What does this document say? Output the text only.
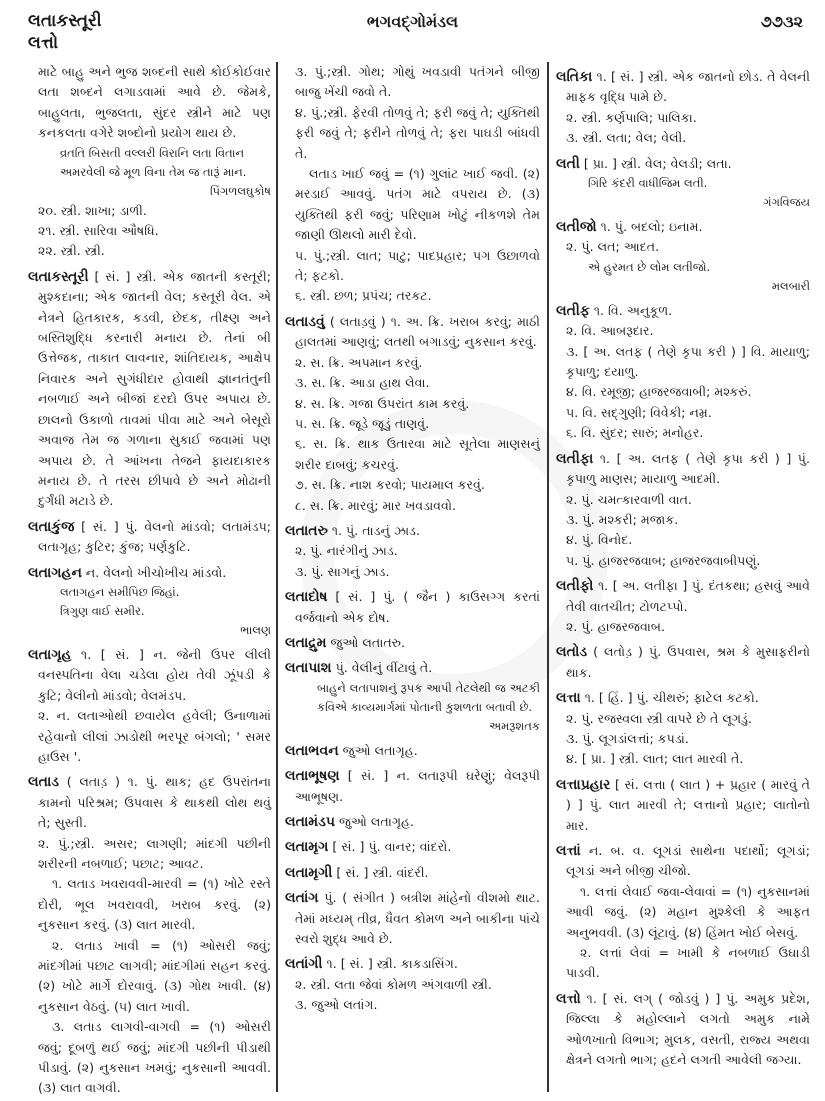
લતાકસ્તૂરી
લત્તો
ભગવદ્ગોમંડલ	૭૭૩૨
માટે બાહુ અને ભુજ શબ્દની સાથે કોઈકોઈવાર લતા શબ્દને લગાડવામાં આવે છે. જેમકે, બાહુલતા, ભુજલતા, સુંદર સ્ત્રીને માટે પણ કનકલતા વગેરે શબ્દોનો પ્રયોગ થાય છે.
વ્રતતિ બિસતી વલ્લરી વિરાનિ લતા વિતાન
અમરવેલી જે મૂળ વિના તેમ જ તારૂં માન.
પિંગળલઘુકોષ
૨૦. સ્ત્રી. શાખા; ડાળી.
૨૧. સ્ત્રી. સારિવા ઔષધિ.
૨૨. સ્ત્રી. સ્ત્રી.
લતાકસ્તૂરી [ સં. ] સ્ત્રી. એક જાતની કસ્તૂરી; મુશ્કદાના; એક જાતની વેલ; કસ્તૂરી વેલ. એ નેત્રને હિતકારક, કડવી, છેદક, તીક્ષ્ણ અને બસ્તિશુદ્ધિ કરનારી મનાય છે. તેનાં બી ઉત્તેજક, તાકાત લાવનાર, શાંતિદાયક, આક્ષેપ નિવારક અને સુગંધીદાર હોવાથી જ્ઞાનતંતુની નબળાઈ અને બીજાં દરદો ઉપર અપાય છે. છાલનો ઉકાળો તાવમાં પીવા માટે અને બેસૂરો અવાજ તેમ જ ગળાના સુકાઈ જવામાં પણ અપાય છે. તે આંખના તેજને ફાયદાકારક મનાય છે. તે તરસ છીપાવે છે અને મોઢાની દુર્ગંધી મટાડે છે.
લતાકુંજ [ સં. ] પું. વેલનો માંડવો; લતામંડપ; લતાગૃહ; કુટિર; કુંજ; પર્ણકુટિ.
લતાગહન ન. વેલનો ખીચોખીચ માંડવો.
લતાગહન સમીપિછ જિહાં.
ત્રિગુણ વાઈ સમીર.
ભાલણ
લતાગૃહ ૧. [ સં. ] ન. જેની ઉપર લીલી વનસ્પતિના વેલા ચડેલા હોય તેવી ઝૂંપડી કે કુટિ; વેલીનો માંડવો; વેલમંડપ.
૨. ન. લતાઓથી છવાયેલ હવેલી; ઉનાળામાં રહેવાનો લીલાં ઝાડોથી ભરપૂર બંગલો; ' સમર હાઉસ '.
લતાડ ( લતાડ઼ ) ૧. પું. થાક; હદ ઉપરાંતના કામનો પરિશ્રમ; ઉપવાસ કે થાકથી લોથ થવું તે; સુસ્તી.
૨. પું.;સ્ત્રી. અસર; લાગણી; માંદગી પછીની શરીરની નબળાઈ; પછાટ; આવટ.
૧. લતાડ ખવરાવવી-મારવી = (૧) ખોટે રસ્તે દોરી, ભૂલ ખવરાવવી, ખરાબ કરવું. (૨) નુકસાન કરવું. (૩) લાત મારવી.
૨. લતાડ ખાવી = (૧) ઓસરી જવું; માંદગીમાં પછાટ લાગવી; માંદગીમાં સહન કરવું. (૨) ખોટે માર્ગે દોરવાવું. (૩) ગોથ ખાવી. (૪) નુકસાન વેઠવું. (૫) લાત ખાવી.
૩. લતાડ લાગવી-વાગવી = (૧) ઓસરી જવું; દૂબળું થઈ જવું; માંદગી પછીની પીડાથી પીડાવું. (૨) નુકસાન ખમવું; નુકસાની આવવી. (૩) લાત વાગવી.
૩. પું.;સ્ત્રી. ગોથ; ગોથું ખવડાવી પતંગને બીજી બાજુ ખેંચી જવો તે.
૪. પું.;સ્ત્રી. ફેરવી તોળવું તે; ફરી જવું તે; યુક્તિથી ફરી જવું તે; ફરીને તોળવું તે; ફરા પાઘડી બાંધવી તે.
લતાડ ખાઈ જવું = (૧) ગુલાંટ ખાઈ જવી. (૨) મરડાઈ આવવું. પતંગ માટે વપરાય છે. (૩) યુક્તિથી ફરી જવું; પરિણામ ખોટું નીકળશે તેમ જાણી ઊથલો મારી દેવો.
૫. પું.;સ્ત્રી. લાત; પાટુ; પાદપ્રહાર; પગ ઉછાળવો તે; ફટકો.
૬. સ્ત્રી. છળ; પ્રપંચ; તરકટ.
લતાડવું ( લતાડ઼વું ) ૧. અ. ક્રિ. ખરાબ કરવું; માઠી હાલતમાં આણવું; લતથી બગાડવું; નુકસાન કરવું.
૨. સ. ક્રિ. અપમાન કરવું.
૩. સ. ક્રિ. આડા હાથ લેવા.
૪. સ. ક્રિ. ગજા ઉપરાંત કામ કરવું.
૫. સ. ક્રિ. જૂડે જૂડું તાણવું.
૬. સ. ક્રિ. થાક ઉતારવા માટે સૂતેલા માણસનું શરીર દાબવું; કચરવું.
૭. સ. ક્રિ. નાશ કરવો; પાયમાલ કરવું.
૮. સ. ક્રિ. મારવું; માર ખવડાવવો.
લતાતરુ ૧. પું. તાડનું ઝાડ.
૨. પું. નારંગીનું ઝાડ.
૩. પું. સાગનું ઝાડ.
લતાદોષ [ સં. ] પું. ( જૈન ) કાઉસગ્ગ કરતાં વર્જવાનો એક દોષ.
લતાદ્રુમ જુઓ લતાતરુ.
લતાપાશ પું. વેલીનું વીંટાવું તે.
બાહુને લતાપાશનું રૂપક આપી તેટલેથી જ અટકી કવિએ કાવ્યમાર્ગમાં પોતાની કુશળતા બતાવી છે.
અમરૂશતક
લતાભવન જુઓ લતાગૃહ.
લતાભૂષણ [ સં. ] ન. લતારૂપી ઘરેણું; વેલરૂપી આભૂષણ.
લતામંડપ જુઓ લતાગૃહ.
લતામૃગ [ સં. ] પું. વાનર; વાંદરો.
લતામૃગી [ સં. ] સ્ત્રી. વાંદરી.
લતાંગ પું. ( સંગીત ) બત્રીશ માંહેનો વીશમો થાટ. તેમાં મધ્યમ્ તીવ્ર, ધૈવત કોમળ અને બાકીના પાંચે સ્વરો શુદ્ધ આવે છે.
લતાંગી ૧. [ સં. ] સ્ત્રી. કાકડાસિંગ.
૨. સ્ત્રી. લતા જેવાં કોમળ અંગવાળી સ્ત્રી.
૩. જુઓ લતાંગ.
લતિકા ૧. [ સં. ] સ્ત્રી. એક જાતનો છોડ. તે વેલની માફક વૃદ્ધિ પામે છે.
૨. સ્ત્રી. કર્ણપાલિ; પાલિકા.
૩. સ્ત્રી. લતા; વેલ; વેલી.
લતી [ પ્રા. ] સ્ત્રી. વેલ; વેલડી; લતા.
ગિરિ કંદરી વાધીજિમ લતી.
ગંગવિજય
લતીજો ૧. પું. બદલો; ઇનામ.
૨. પું. લત; આદત.
એ હુરમત છે લોમ લતીજો.
મલબારી
લતીફ ૧. વિ. અનુકૂળ.
૨. વિ. આબરૂદાર.
૩. [ અ. લતફ ( તેણે કૃપા કરી ) ] વિ. માયાળુ; કૃપાળુ; દયાળુ.
૪. વિ. રમૂજી; હાજરજવાબી; મશ્કરું.
૫. વિ. સદ્ગુણી; વિવેકી; નમ્ર.
૬. વિ. સુંદર; સારું; મનોહર.
લતીફા ૧. [ અ. લતફ ( તેણે કૃપા કરી ) ] પું. કૃપાળુ માણસ; માયાળુ આદમી.
૨. પું. ચમત્કારવાળી વાત.
૩. પું. મશ્કરી; મજાક.
૪. પું. વિનોદ.
૫. પું. હાજરજવાબ; હાજરજવાબીપણું.
લતીફો ૧. [ અ. લતીફા ] પું. દંતકથા; હસવું આવે તેવી વાતચીત; ટોળટપ્પો.
૨. પું. હાજરજવાબ.
લતોડ ( લતોડ઼ ) પું. ઉપવાસ, શ્રમ કે મુસાફરીનો થાક.
લત્તા ૧. [ હિં. ] પું. ચીથરું; ફાટેલ કટકો.
૨. પું. રજસ્વલા સ્ત્રી વાપરે છે તે લૂગડું.
૩. પું. લૂગડાંલત્તાં; કપડાં.
૪. [ પ્રા. ] સ્ત્રી. લાત; લાત મારવી તે.
લત્તાપ્રહાર [ સં. લત્તા ( લાત ) + પ્રહાર ( મારવું તે ) ] પું. લાત મારવી તે; લત્તાનો પ્રહાર; લાતોનો માર.
લત્તાં ન. બ. વ. લૂગડાં સાથેના પદાર્થો; લૂગડાં; લૂગડાં અને બીજી ચીજો.
૧. લત્તાં લેવાઈ જવા-લેવાવાં = (૧) નુકસાનમાં આવી જવું. (૨) મહાન મુશ્કેલી કે આફત અનુભવવી. (૩) લૂંટાવું. (૪) હિંમત ખોઈ બેસવું.
૨. લત્તાં લેવાં = ખામી કે નબળાઈ ઉઘાડી પાડવી.
લત્તો ૧. [ સં. લગ્ ( જોડવું ) ] પું. અમુક પ્રદેશ, જિલ્લા કે મહોલ્લાને લગતો અમુક નામે ઓળખાતો વિભાગ; મુલક, વસતી, રાજ્ય અથવા ક્ષેત્રને લગતો ભાગ; હદને લગતી આવેલી જગ્યા.
